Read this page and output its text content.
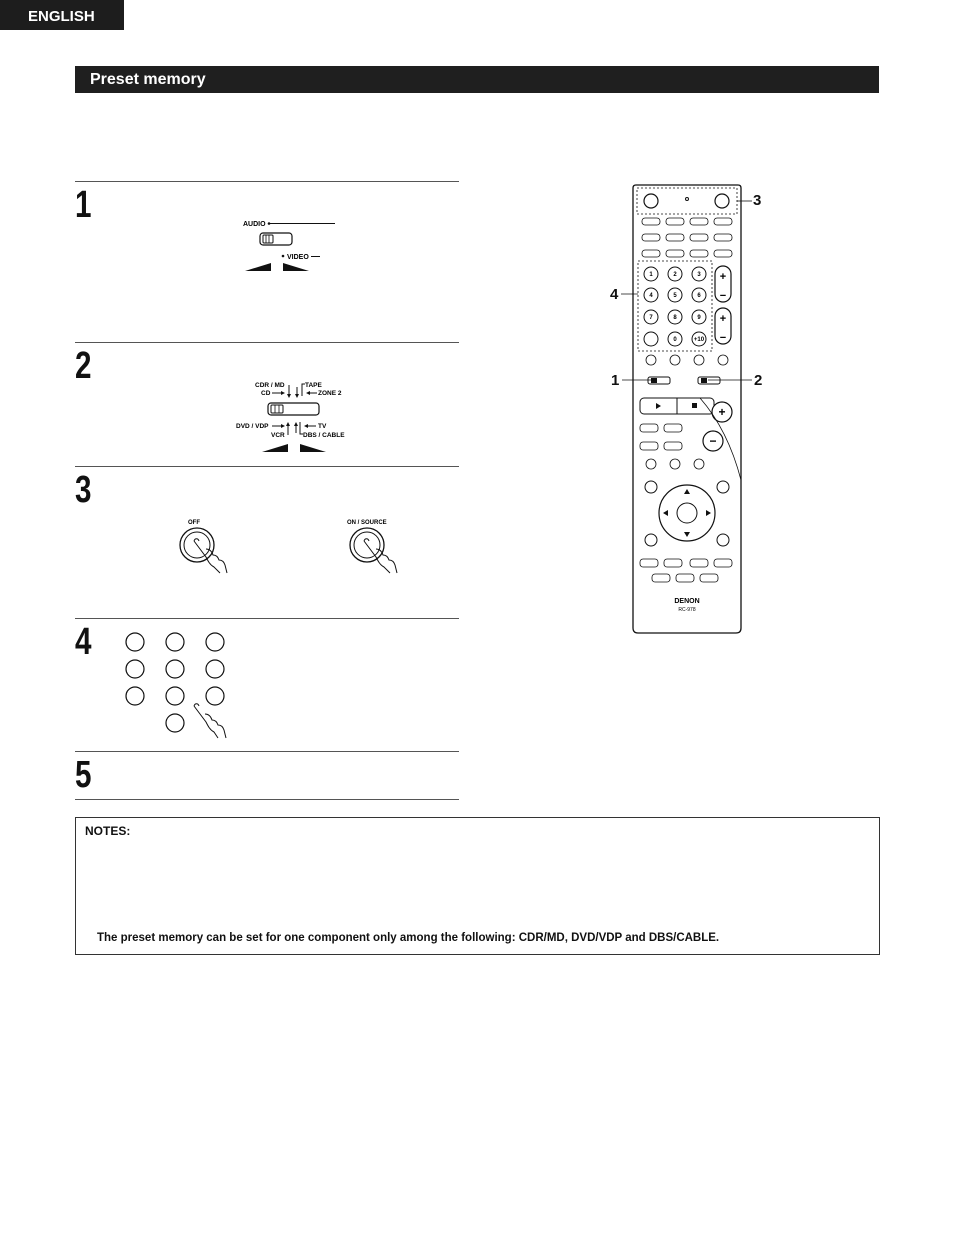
ENGLISH
Preset memory
1
2
3
4
5
AUDIO
VIDEO
CDR / MD
CD
TAPE
ZONE 2
DVD / VDP
VCR
TV
DBS / CABLE
OFF	ON / SOURCE
1	2	3
4	5	6
7	8	9
0	+10
+
−
+
−
+
−
DENON
RC-978
3
4
1	2
NOTES:
The preset memory can be set for one component only among the following: CDR/MD, DVD/VDP and DBS/CABLE.
